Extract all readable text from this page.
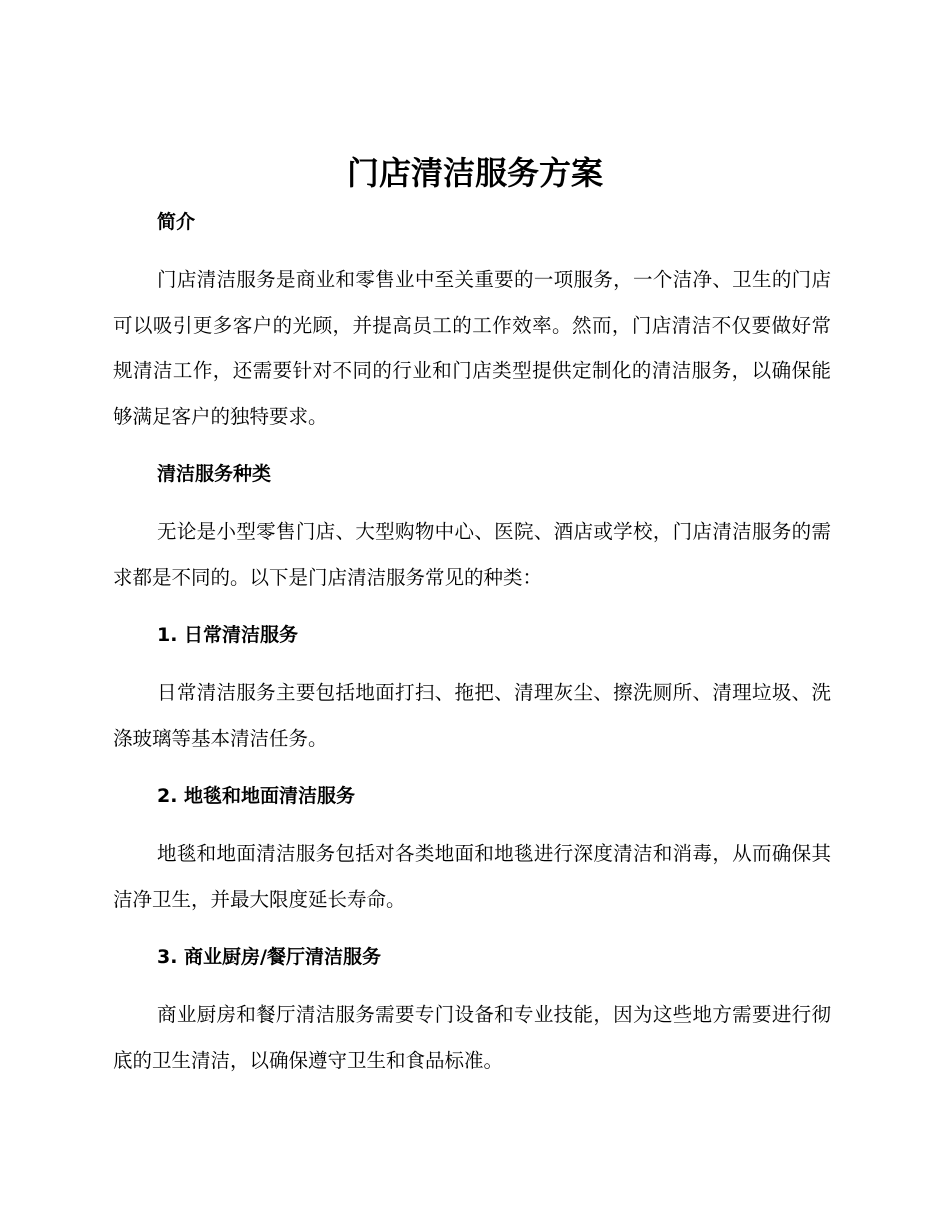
门店清洁服务方案
简介

门店清洁服务是商业和零售业中至关重要的一项服务，一个洁净、卫生的门店可以吸引更多客户的光顾，并提高员工的工作效率。然而，门店清洁不仅要做好常规清洁工作，还需要针对不同的行业和门店类型提供定制化的清洁服务，以确保能够满足客户的独特要求。

清洁服务种类

无论是小型零售门店、大型购物中心、医院、酒店或学校，门店清洁服务的需求都是不同的。以下是门店清洁服务常见的种类：

1. 日常清洁服务

日常清洁服务主要包括地面打扫、拖把、清理灰尘、擦洗厕所、清理垃圾、洗涤玻璃等基本清洁任务。

2. 地毯和地面清洁服务

地毯和地面清洁服务包括对各类地面和地毯进行深度清洁和消毒，从而确保其洁净卫生，并最大限度延长寿命。

3. 商业厨房/餐厅清洁服务

商业厨房和餐厅清洁服务需要专门设备和专业技能，因为这些地方需要进行彻底的卫生清洁，以确保遵守卫生和食品标准。
